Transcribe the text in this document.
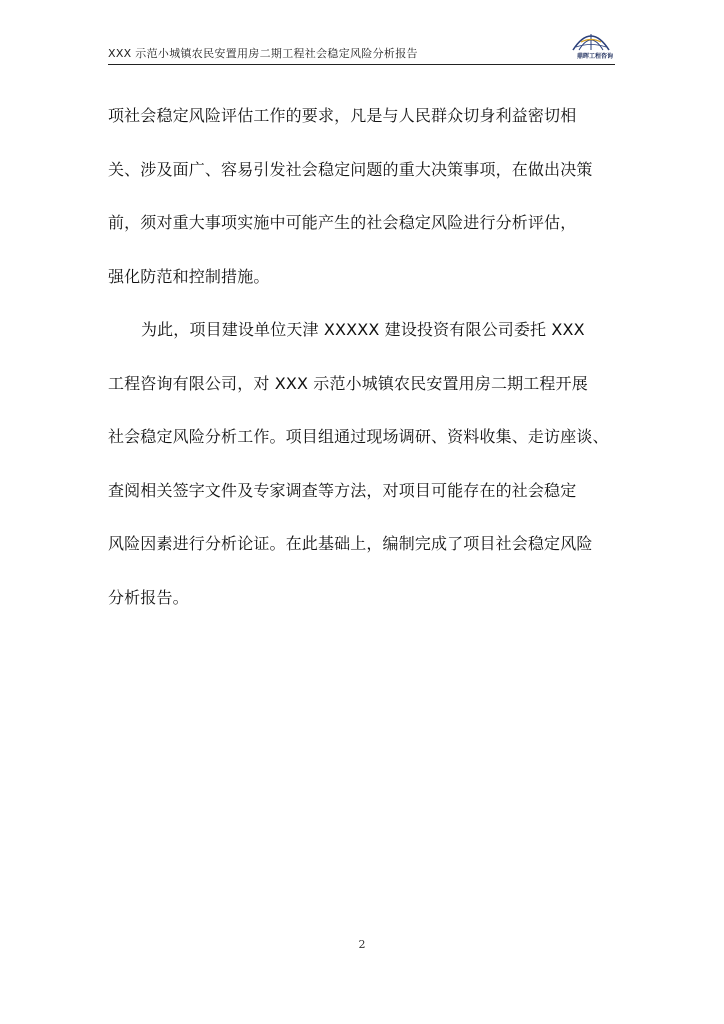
XXX 示范小城镇农民安置用房二期工程社会稳定风险分析报告	鼎晖工程咨询
项社会稳定风险评估工作的要求，凡是与人民群众切身利益密切相
关、涉及面广、容易引发社会稳定问题的重大决策事项，在做出决策
前，须对重大事项实施中可能产生的社会稳定风险进行分析评估，
强化防范和控制措施。
为此，项目建设单位天津 XXXXX 建设投资有限公司委托 XXX
工程咨询有限公司，对 XXX 示范小城镇农民安置用房二期工程开展
社会稳定风险分析工作。项目组通过现场调研、资料收集、走访座谈、
查阅相关签字文件及专家调查等方法，对项目可能存在的社会稳定
风险因素进行分析论证。在此基础上，编制完成了项目社会稳定风险
分析报告。
2
